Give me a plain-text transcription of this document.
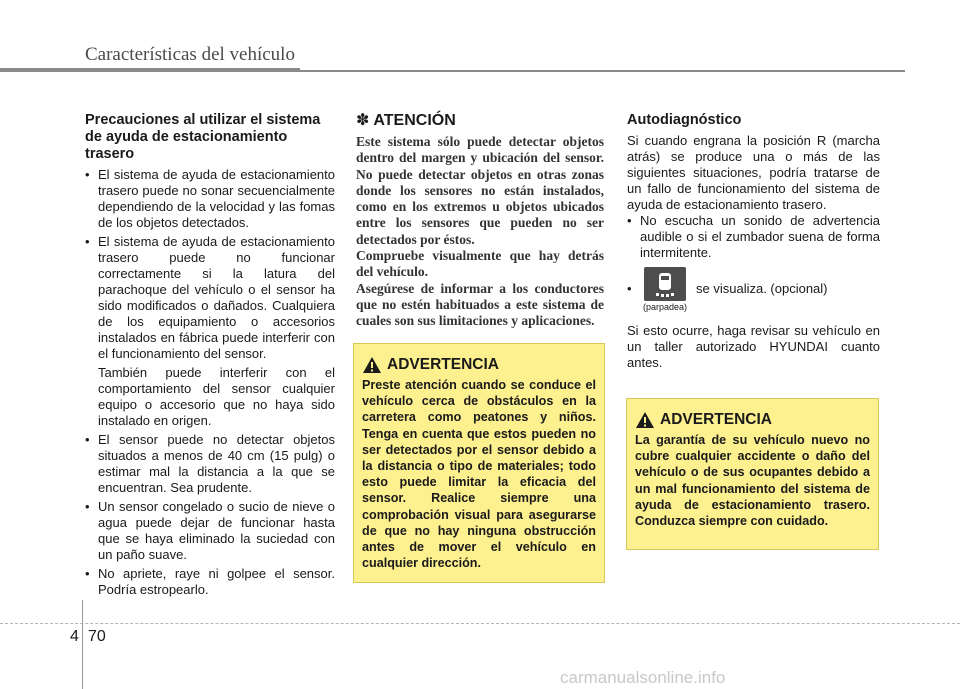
Características del vehículo
Precauciones al utilizar el sistema de ayuda de estacionamiento trasero
• El sistema de ayuda de estacionamiento trasero puede no sonar secuencialmente dependiendo de la velocidad y las fomas de los objetos detectados.
• El sistema de ayuda de estacionamiento trasero puede no funcionar correctamente si la latura del parachoque del vehículo o el sensor ha sido modificados o dañados. Cualquiera de los equipamiento o accesorios instalados en fábrica puede interferir con el funcionamiento del sensor.

También puede interferir con el comportamiento del sensor cualquier equipo o accesorio que no haya sido instalado en origen.

• El sensor puede no detectar objetos situados a menos de 40 cm (15 pulg) o estimar mal la distancia a la que se encuentran. Sea prudente.
• Un sensor congelado o sucio de nieve o agua puede dejar de funcionar hasta que se haya eliminado la suciedad con un paño suave.
• No apriete, raye ni golpee el sensor. Podría estropearlo.
✽ ATENCIÓN

Este sistema sólo puede detectar objetos dentro del margen y ubicación del sensor. No puede detectar objetos en otras zonas donde los sensores no están instalados, como en los extremos u objetos ubicados entre los sensores que pueden no ser detectados por éstos.

Compruebe visualmente que hay detrás del vehículo.

Asegúrese de informar a los conductores que no estén habituados a este sistema de cuales son sus limitaciones y aplicaciones.

ADVERTENCIA

Preste atención cuando se conduce el vehículo cerca de obstáculos en la carretera como peatones y niños. Tenga en cuenta que estos pueden no ser detectados por el sensor debido a la distancia o tipo de materiales; todo esto puede limitar la eficacia del sensor. Realice siempre una comprobación visual para asegurarse de que no hay ninguna obstrucción antes de mover el vehículo en cualquier dirección.

Autodiagnóstico

Si cuando engrana la posición R (marcha atrás) se produce una o más de las siguientes situaciones, podría tratarse de un fallo de funcionamiento del sistema de ayuda de estacionamiento trasero.

• No escucha un sonido de advertencia audible o si el zumbador suena de forma intermitente.
•
(parpadea)
se visualiza. (opcional)

Si esto ocurre, haga revisar su vehículo en un taller autorizado HYUNDAI cuanto antes.

ADVERTENCIA

La garantía de su vehículo nuevo no cubre cualquier accidente o daño del vehículo o de sus ocupantes debido a un mal funcionamiento del sistema de ayuda de estacionamiento trasero. Conduzca siempre con cuidado.

4 70
carmanualsonline.info
